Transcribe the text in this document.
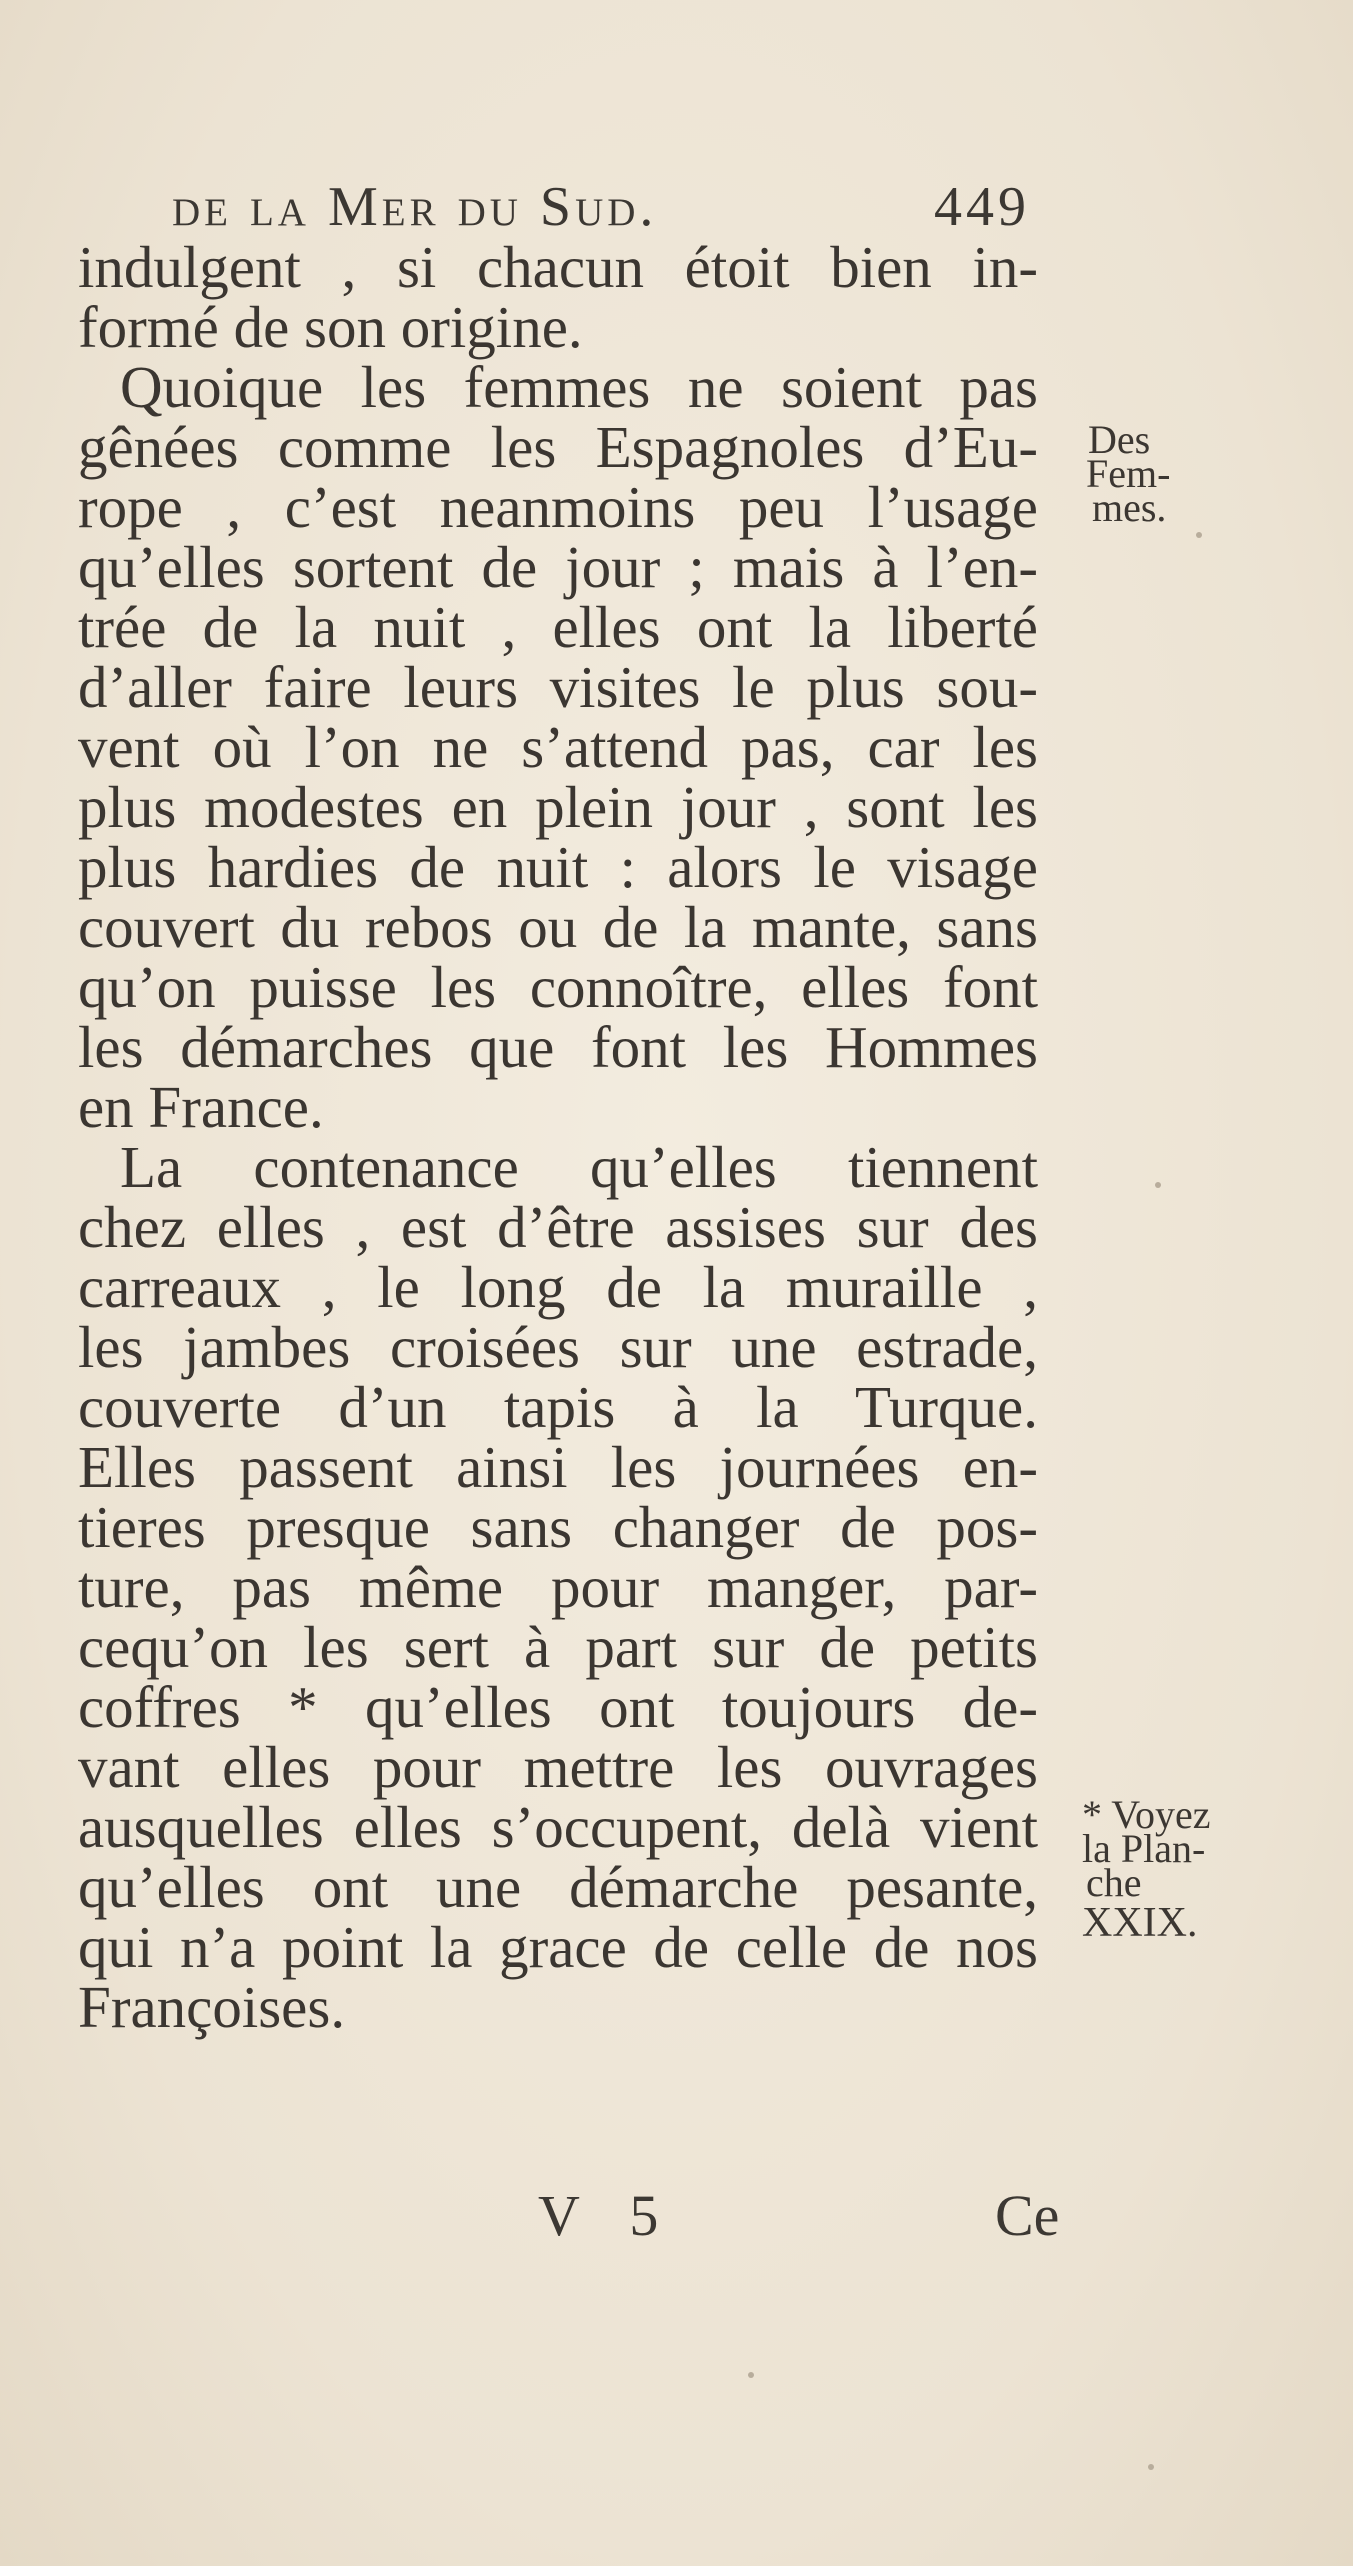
de la Mer du Sud.	449
indulgent , si chacun étoit bien in-
formé de son origine.
Quoique les femmes ne soient pas
gênées comme les Espagnoles d’Eu-
rope , c’est neanmoins peu l’usage
qu’elles sortent de jour ; mais à l’en-
trée de la nuit , elles ont la liberté
d’aller faire leurs visites le plus sou-
vent où l’on ne s’attend pas, car les
plus modestes en plein jour , sont les
plus hardies de nuit : alors le visage
couvert du rebos ou de la mante, sans
qu’on puisse les connoître, elles font
les démarches que font les Hommes
en France.
La contenance qu’elles tiennent
chez elles , est d’être assises sur des
carreaux , le long de la muraille ,
les jambes croisées sur une estrade,
couverte d’un tapis à la Turque.
Elles passent ainsi les journées en-
tieres presque sans changer de pos-
ture, pas même pour manger, par-
cequ’on les sert à part sur de petits
coffres * qu’elles ont toujours de-
vant elles pour mettre les ouvrages
ausquelles elles s’occupent, delà vient
qu’elles ont une démarche pesante,
qui n’a point la grace de celle de nos
Françoises.
Des
Fem-
mes.
* Voyez
la Plan-
che
XXIX.
V 5	Ce
